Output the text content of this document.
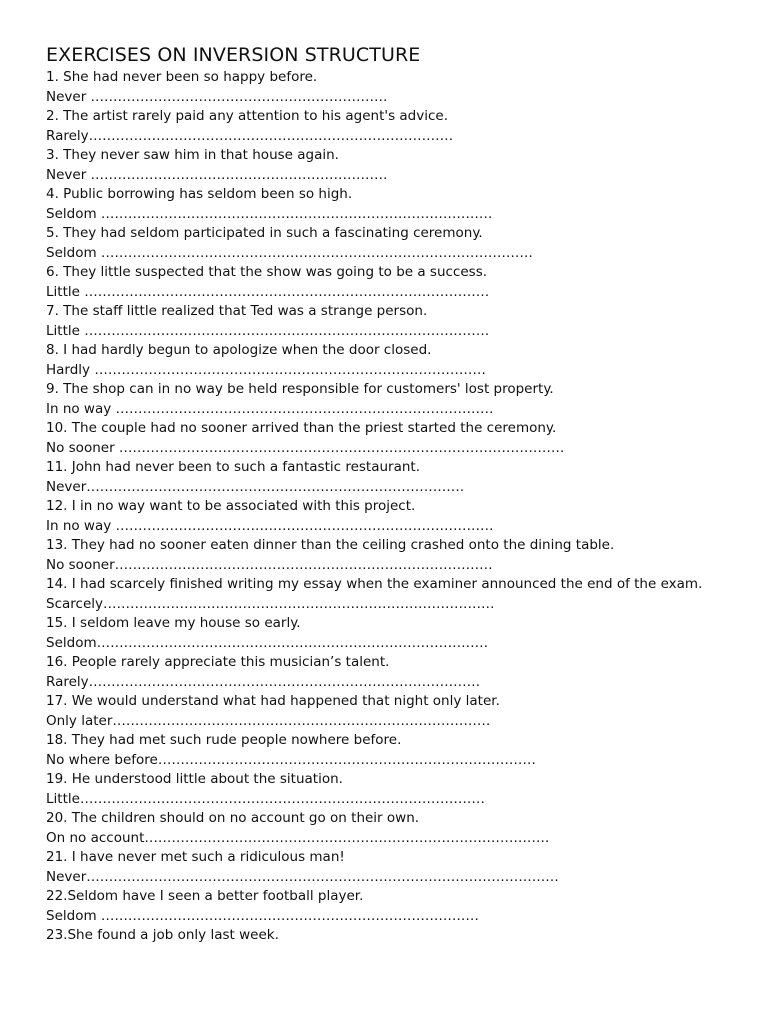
EXERCISES ON INVERSION STRUCTURE

1. She had never been so happy before.

Never …………………………………………………………

2. The artist rarely paid any attention to his agent's advice.

Rarely………………………………………………………………………

3. They never saw him in that house again.

Never …………………………………………………………

4. Public borrowing has seldom been so high.

Seldom ……………………………………………………………………………

5. They had seldom participated in such a fascinating ceremony.

Seldom ……………………………………………………………………………………

6. They little suspected that the show was going to be a success.

Little ………………………………………………………………………………

7. The staff little realized that Ted was a strange person.

Little ………………………………………………………………………………

8. I had hardly begun to apologize when the door closed.

Hardly ……………………………………………………………………………

9. The shop can in no way be held responsible for customers' lost property.

In no way …………………………………………………………………………

10. The couple had no sooner arrived than the priest started the ceremony.

No sooner ………………………………………………………………………………………

11. John had never been to such a fantastic restaurant.

Never…………………………………………………………………………

12. I in no way want to be associated with this project.

In no way …………………………………………………………………………

13. They had no sooner eaten dinner than the ceiling crashed onto the dining table.

No sooner…………………………………………………………………………

14. I had scarcely finished writing my essay when the examiner announced the end of the exam.

Scarcely……………………………………………………………………………

15. I seldom leave my house so early.

Seldom……………………………………………………………………………

16. People rarely appreciate this musician’s talent.

Rarely……………………………………………………………………………

17. We would understand what had happened that night only later.

Only later…………………………………………………………………………

18. They had met such rude people nowhere before.

No where before…………………………………………………………………………

19. He understood little about the situation.

Little………………………………………………………………………………

20. The children should on no account go on their own.

On no account………………………………………………………………………………

21. I have never met such a ridiculous man!

Never……………………………………………………………………………………………

22.Seldom have I seen a better football player.

Seldom …………………………………………………………………………

23.She found a job only last week.
